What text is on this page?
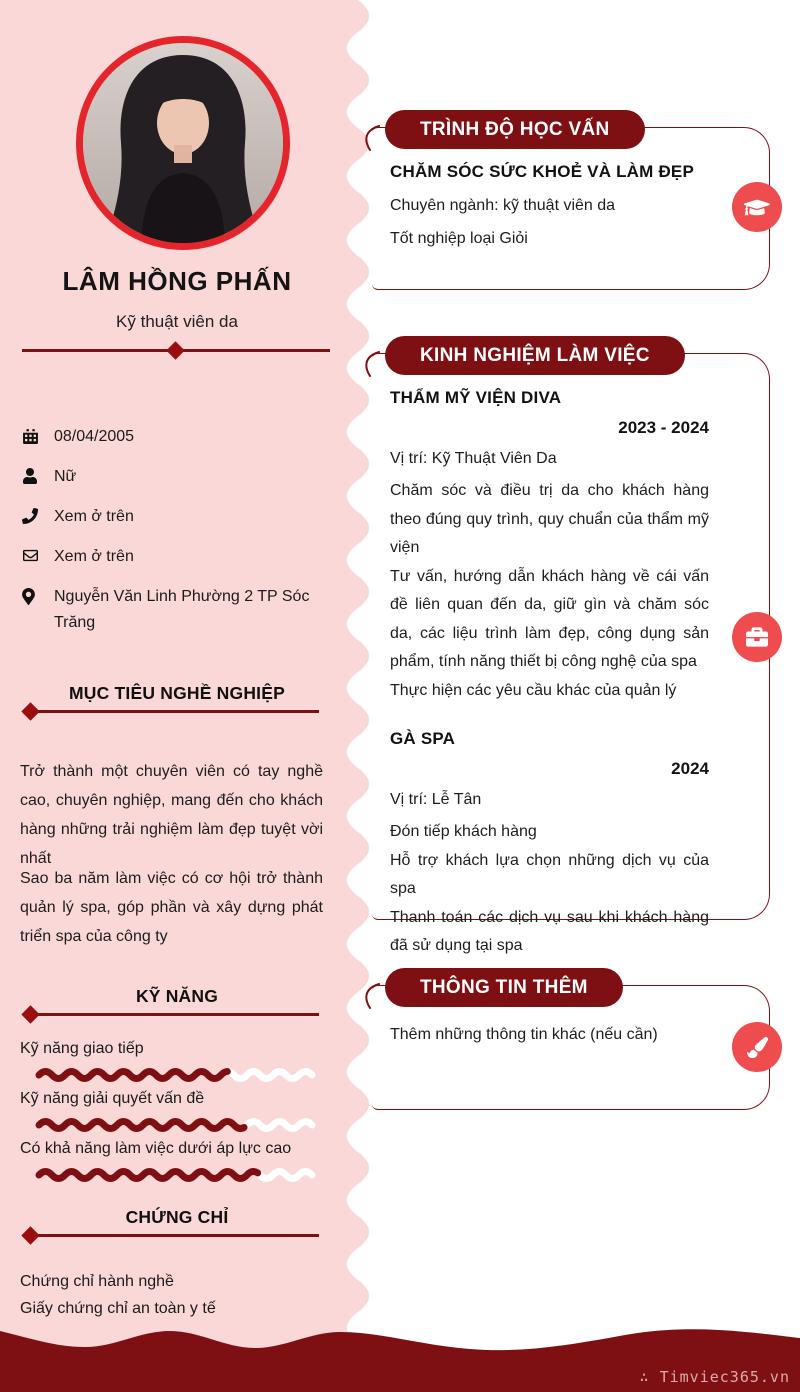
LÂM HỒNG PHẤN
Kỹ thuật viên da
08/04/2005
Nữ
Xem ở trên
Xem ở trên
Nguyễn Văn Linh Phường 2 TP Sóc Trăng
MỤC TIÊU NGHỀ NGHIỆP
Trở thành một chuyên viên có tay nghề cao, chuyên nghiệp, mang đến cho khách hàng những trải nghiệm làm đẹp tuyệt vời nhất
Sao ba năm làm việc có cơ hội trở thành quản lý spa, góp phần và xây dựng phát triển spa của công ty
KỸ NĂNG
Kỹ năng giao tiếp
Kỹ năng giải quyết vấn đề
Có khả năng làm việc dưới áp lực cao
CHỨNG CHỈ
Chứng chỉ hành nghề
Giấy chứng chỉ an toàn y tế
TRÌNH ĐỘ HỌC VẤN
CHĂM SÓC SỨC KHOẺ VÀ LÀM ĐẸP
Chuyên ngành: kỹ thuật viên da
Tốt nghiệp loại Giỏi
KINH NGHIỆM LÀM VIỆC
THẨM MỸ VIỆN DIVA
2023 - 2024
Vị trí: Kỹ Thuật Viên Da

Chăm sóc và điều trị da cho khách hàng theo đúng quy trình, quy chuẩn của thẩm mỹ viện

Tư vấn, hướng dẫn khách hàng về cái vấn đề liên quan đến da, giữ gìn và chăm sóc da, các liệu trình làm đẹp, công dụng sản phẩm, tính năng thiết bị công nghệ của spa

Thực hiện các yêu cầu khác của quản lý

GÀ SPA
2024
Vị trí: Lễ Tân

Đón tiếp khách hàng

Hỗ trợ khách lựa chọn những dịch vụ của spa

Thanh toán các dịch vụ sau khi khách hàng đã sử dụng tại spa

THÔNG TIN THÊM
Thêm những thông tin khác (nếu cần)
∴ Timviec365.vn
